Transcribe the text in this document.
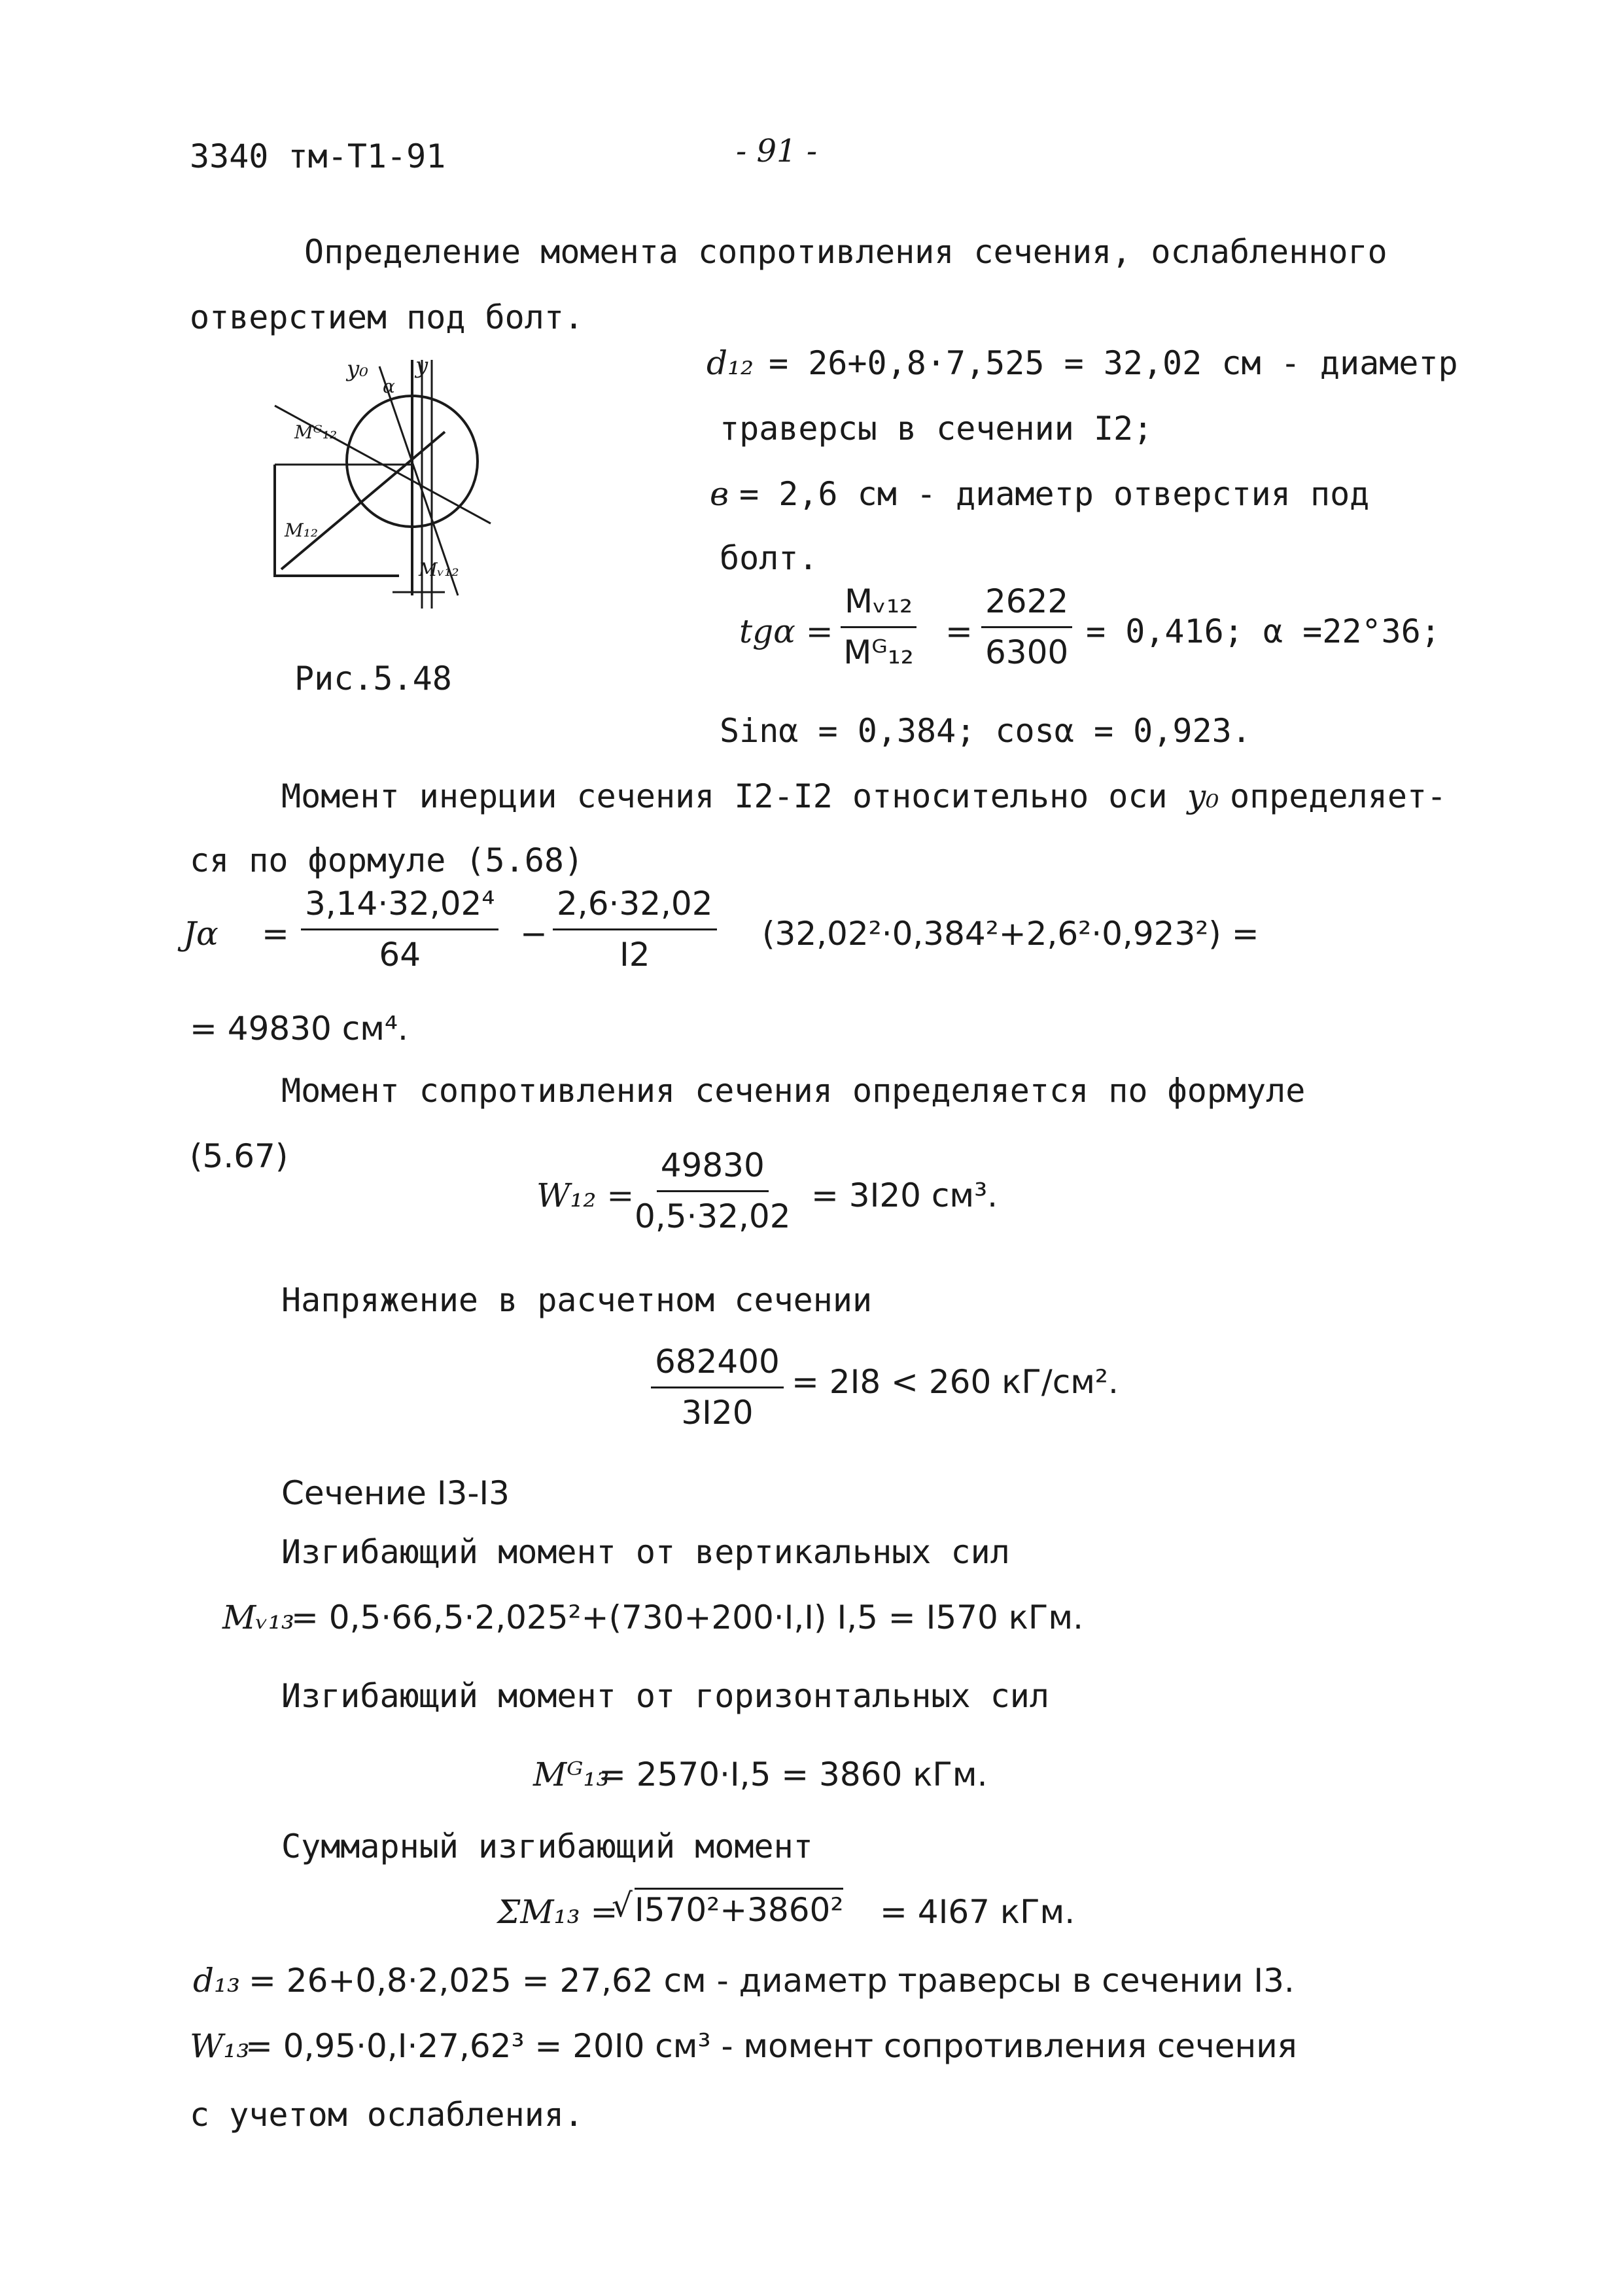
3340 тм-Т1-91	- 91 -
Определение момента сопротивления сечения, ослабленного
отверстием под болт.
y₀ y
α
Mᴳ₁₂
M₁₂
Mᵥ₁₂
Рис.5.48
d₁₂ = 26+0,8·7,525 = 32,02 см - диаметр
траверсы в сечении I2;
в = 2,6 см - диаметр отверстия под
болт.
$tg\alpha = \frac{\text{Mᵥ₁₂}}{\text{Mᴳ₁₂}} = \frac{2622}{6300} = 0,416$; α =22°36;
Sinα = 0,384; cosα = 0,923.
Момент инерции сечения I2-I2 относительно оси y₀ определяет-
ся по формуле (5.68)
$J\alpha = \frac{\text{3,14·32,02⁴}}{64} - \frac{2,6\cdot 32,02}{I2} (32,02^2\cdot 0,384^2+2,6^2\cdot 0,923^2)$ =
= 49830 см⁴.
Момент сопротивления сечения определяется по формуле
(5.67)
$W_{12} = \frac{49830}{0,5\cdot 32,02} = 3I20$ см³.
Напряжение в расчетном сечении
$\frac{682400}{3I20} = 2I8 < 260$ кГ/см².
Сечение I3-I3
Изгибающий момент от вертикальных сил
Mᵥ₁₃
= 0,5·66,5·2,025²+(730+200·I,I) I,5 = I570 кГм.
Изгибающий момент от горизонтальных сил
Mᴳ₁₃
= 2570·I,5 = 3860 кГм.
Суммарный изгибающий момент
ΣM₁₃ =
√ I570²+3860² = 4I67 кГм.
d₁₃ = 26+0,8·2,025 = 27,62 см - диаметр траверсы в сечении I3.
W₁₃
= 0,95·0,I·27,62³ = 20I0 см³ - момент сопротивления сечения
с учетом ослабления.
